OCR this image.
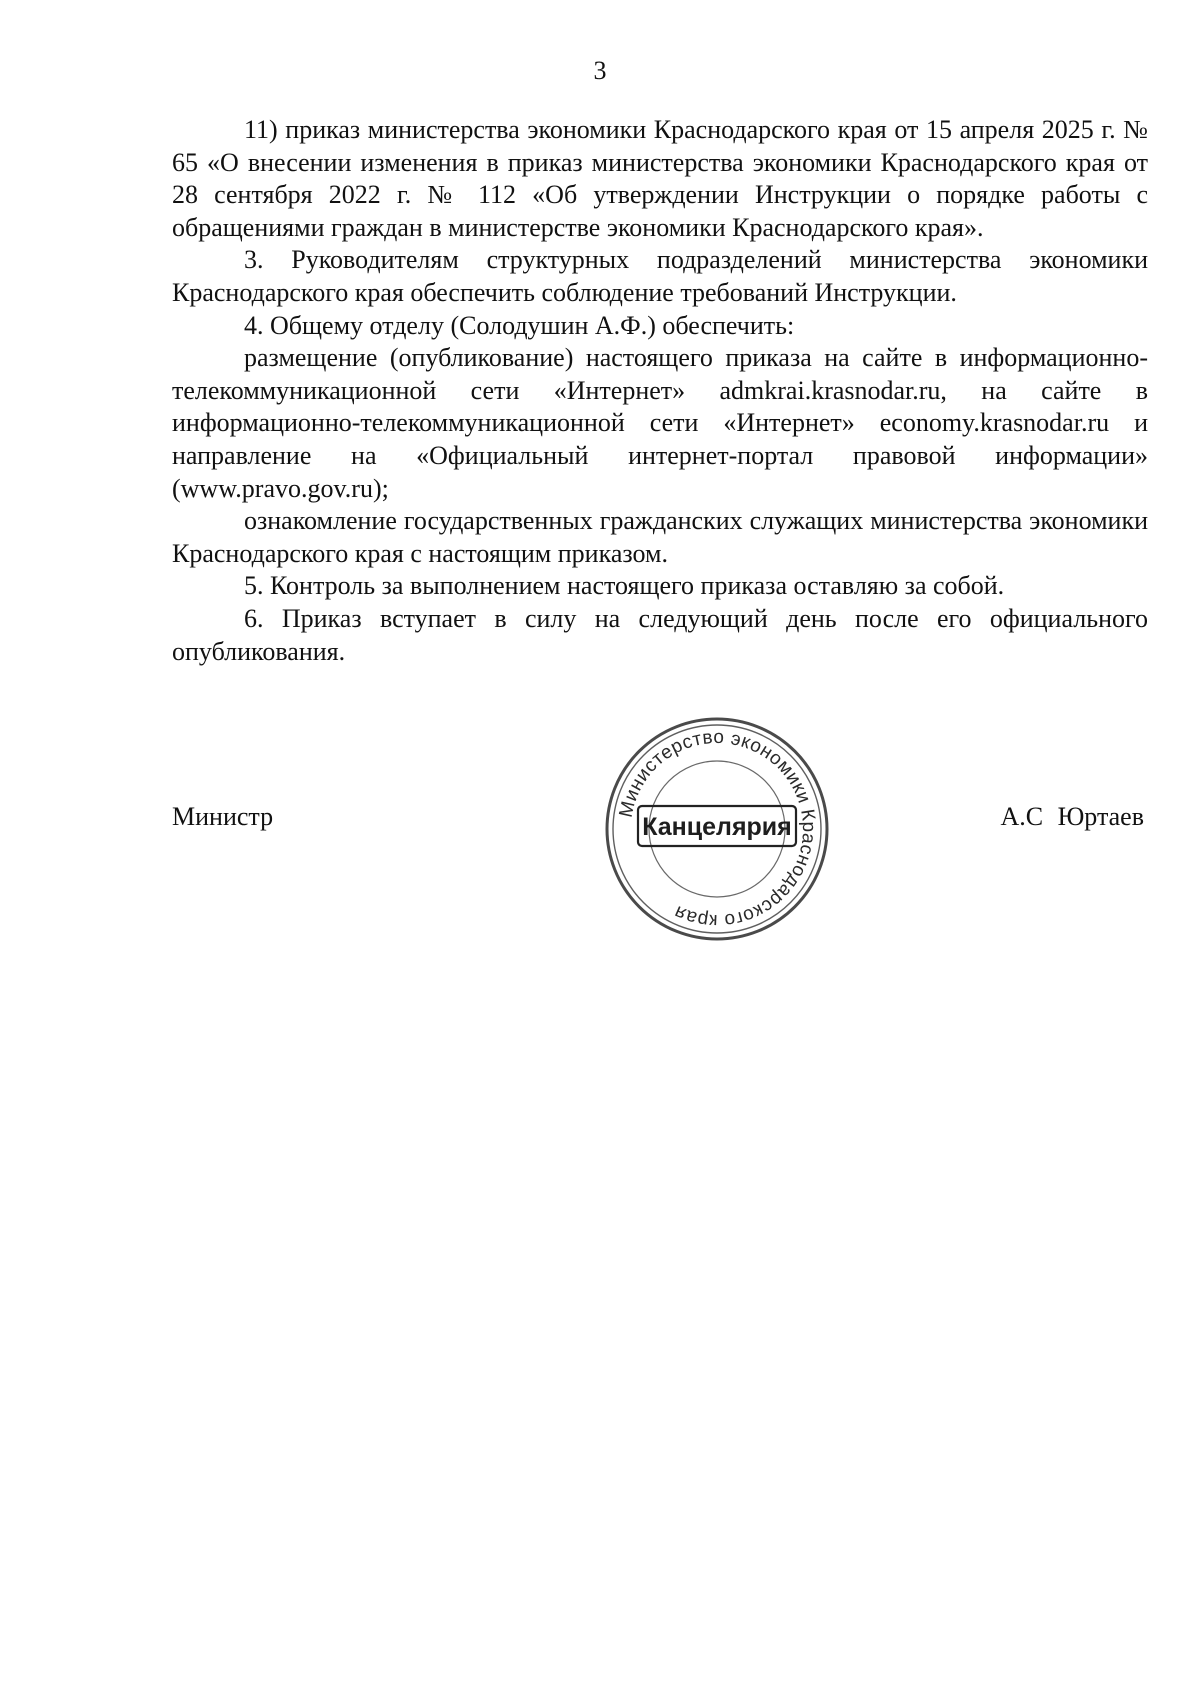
3

11) приказ министерства экономики Краснодарского края от 15 апреля 2025 г. № 65 «О внесении изменения в приказ министерства экономики Краснодарского края от 28 сентября 2022 г. № 112 «Об утверждении Инструкции о порядке работы с обращениями граждан в министерстве экономики Краснодарского края».

3. Руководителям структурных подразделений министерства экономики Краснодарского края обеспечить соблюдение требований Инструкции.

4. Общему отделу (Солодушин А.Ф.) обеспечить:

размещение (опубликование) настоящего приказа на сайте в информационно-телекоммуникационной сети «Интернет» admkrai.krasnodar.ru, на сайте в информационно-телекоммуникационной сети «Интернет» economy.krasnodar.ru и направление на «Официальный интернет-портал правовой информации» (www.pravo.gov.ru);

ознакомление государственных гражданских служащих министерства экономики Краснодарского края с настоящим приказом.

5. Контроль за выполнением настоящего приказа оставляю за собой.

6. Приказ вступает в силу на следующий день после его официального опубликования.

Министр	А.С Юртаев
Министерство экономики Краснодарского края
Канцелярия
